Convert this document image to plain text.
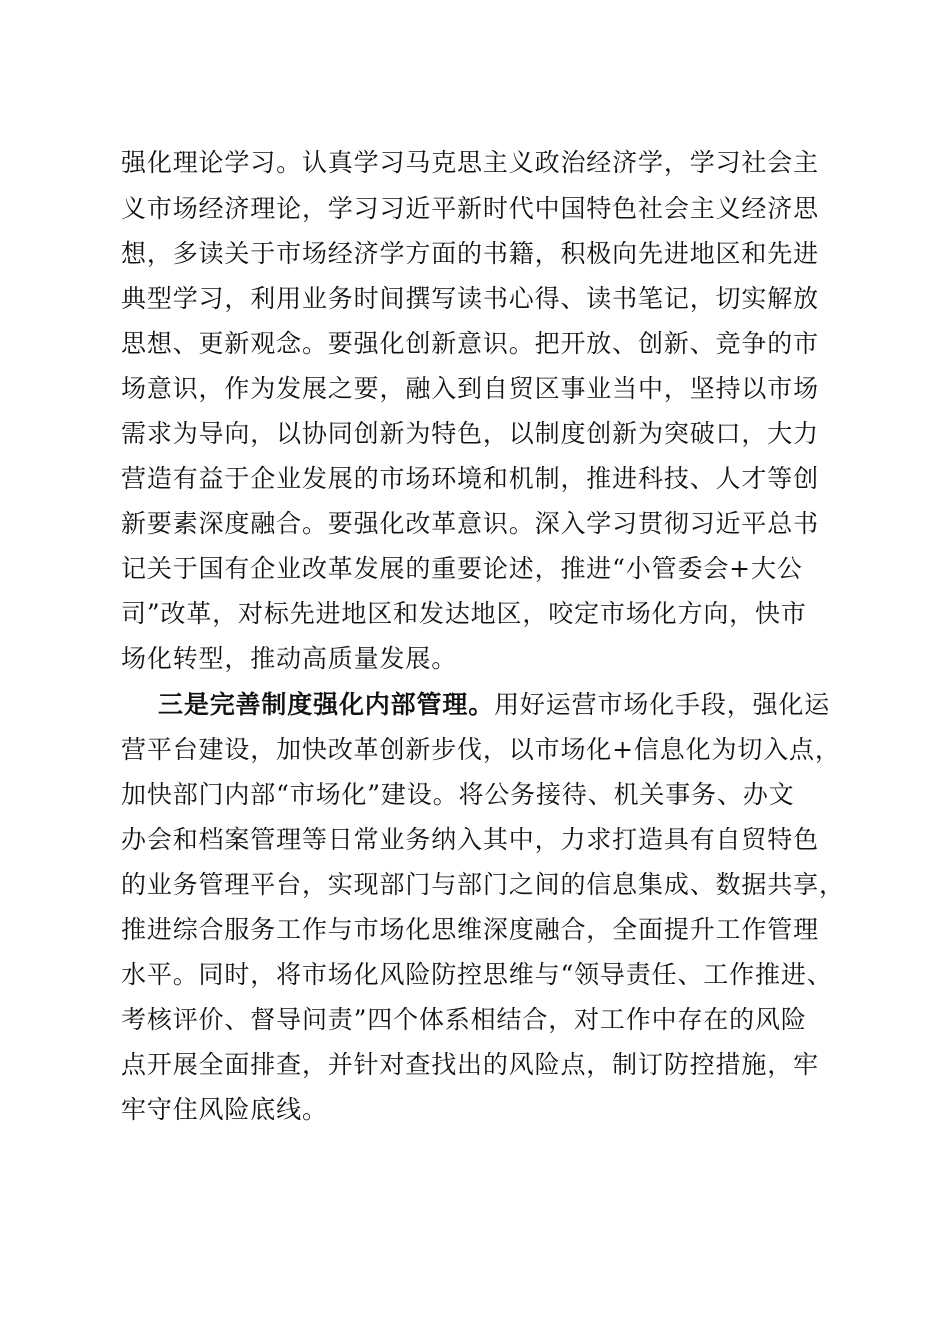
强化理论学习。认真学习马克思主义政治经济学，学习社会主
义市场经济理论，学习习近平新时代中国特色社会主义经济思
想，多读关于市场经济学方面的书籍，积极向先进地区和先进
典型学习，利用业务时间撰写读书心得、读书笔记，切实解放
思想、更新观念。要强化创新意识。把开放、创新、竞争的市
场意识，作为发展之要，融入到自贸区事业当中，坚持以市场
需求为导向，以协同创新为特色，以制度创新为突破口，大力
营造有益于企业发展的市场环境和机制，推进科技、人才等创
新要素深度融合。要强化改革意识。深入学习贯彻习近平总书
记关于国有企业改革发展的重要论述，推进“小管委会+大公
司”改革，对标先进地区和发达地区，咬定市场化方向，快市
场化转型，推动高质量发展。
三是完善制度强化内部管理。用好运营市场化手段，强化运
营平台建设，加快改革创新步伐，以市场化+信息化为切入点，
加快部门内部“市场化”建设。将公务接待、机关事务、办文
办会和档案管理等日常业务纳入其中，力求打造具有自贸特色
的业务管理平台，实现部门与部门之间的信息集成、数据共享，
推进综合服务工作与市场化思维深度融合，全面提升工作管理
水平。同时，将市场化风险防控思维与“领导责任、工作推进、
考核评价、督导问责”四个体系相结合，对工作中存在的风险
点开展全面排查，并针对查找出的风险点，制订防控措施，牢
牢守住风险底线。
